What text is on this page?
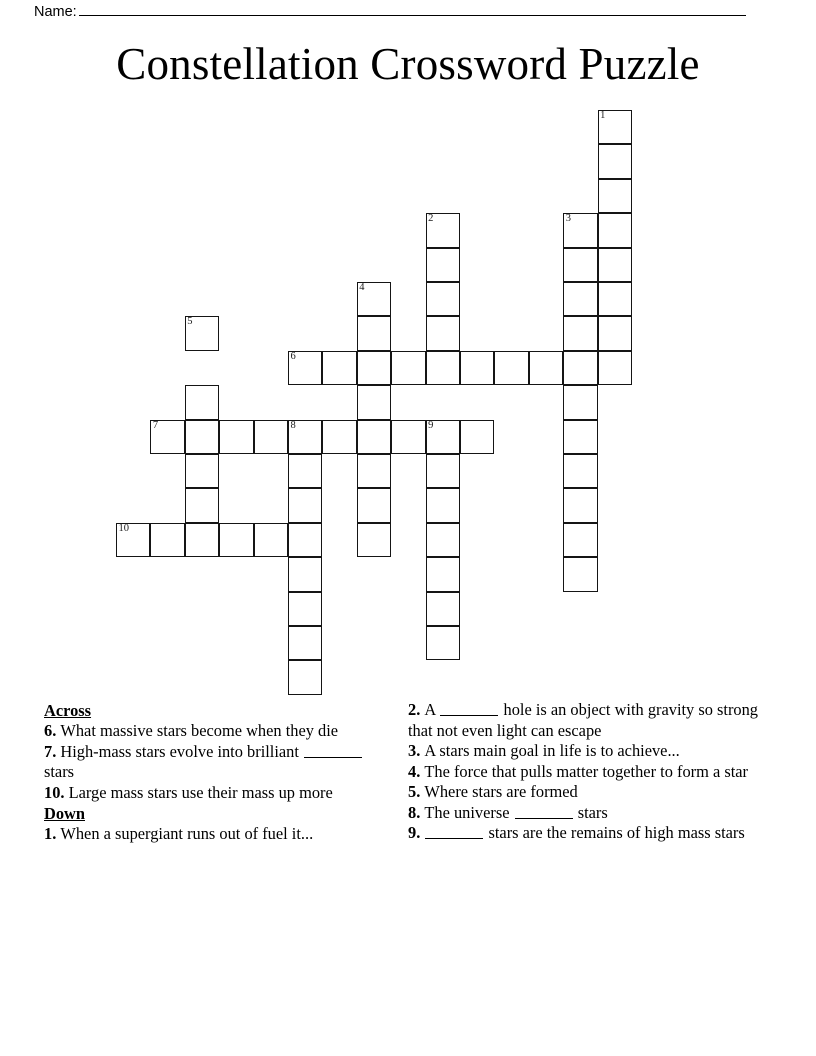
Name:
Constellation Crossword Puzzle
1
2	3
4
5
6
7	8	9
10
Across
6. What massive stars become when they die
7. High-mass stars evolve into brilliant  stars
10. Large mass stars use their mass up more
Down
1. When a supergiant runs out of fuel it...
2. A	hole is an object with gravity so strong that not even light can escape
3. A stars main goal in life is to achieve...
4. The force that pulls matter together to form a star
5. Where stars are formed
8. The universe	stars
9.	stars are the remains of high mass stars
